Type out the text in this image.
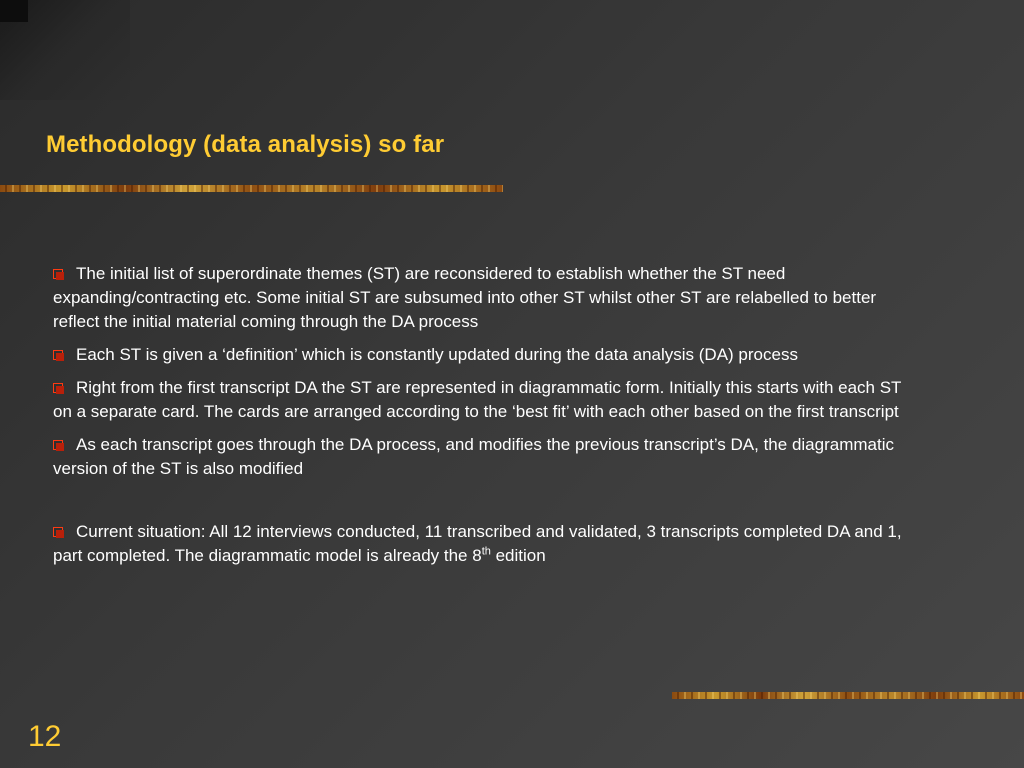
Methodology (data analysis) so far

The initial list of superordinate themes (ST) are reconsidered to establish whether the ST need expanding/contracting etc. Some initial ST are subsumed into other ST whilst other ST are relabelled to better reflect the initial material coming through the DA process

Each ST is given a ‘definition’ which is constantly updated during the data analysis (DA) process

Right from the first transcript DA the ST are represented in diagrammatic form. Initially this starts with each ST on a separate card. The cards are arranged according to the ‘best fit’ with each other based on the first transcript

As each transcript goes through the DA process, and modifies the previous transcript’s DA, the diagrammatic version of the ST is also modified

Current situation: All 12 interviews conducted, 11 transcribed and validated, 3 transcripts completed DA and 1, part completed. The diagrammatic model is already the 8th edition

12
